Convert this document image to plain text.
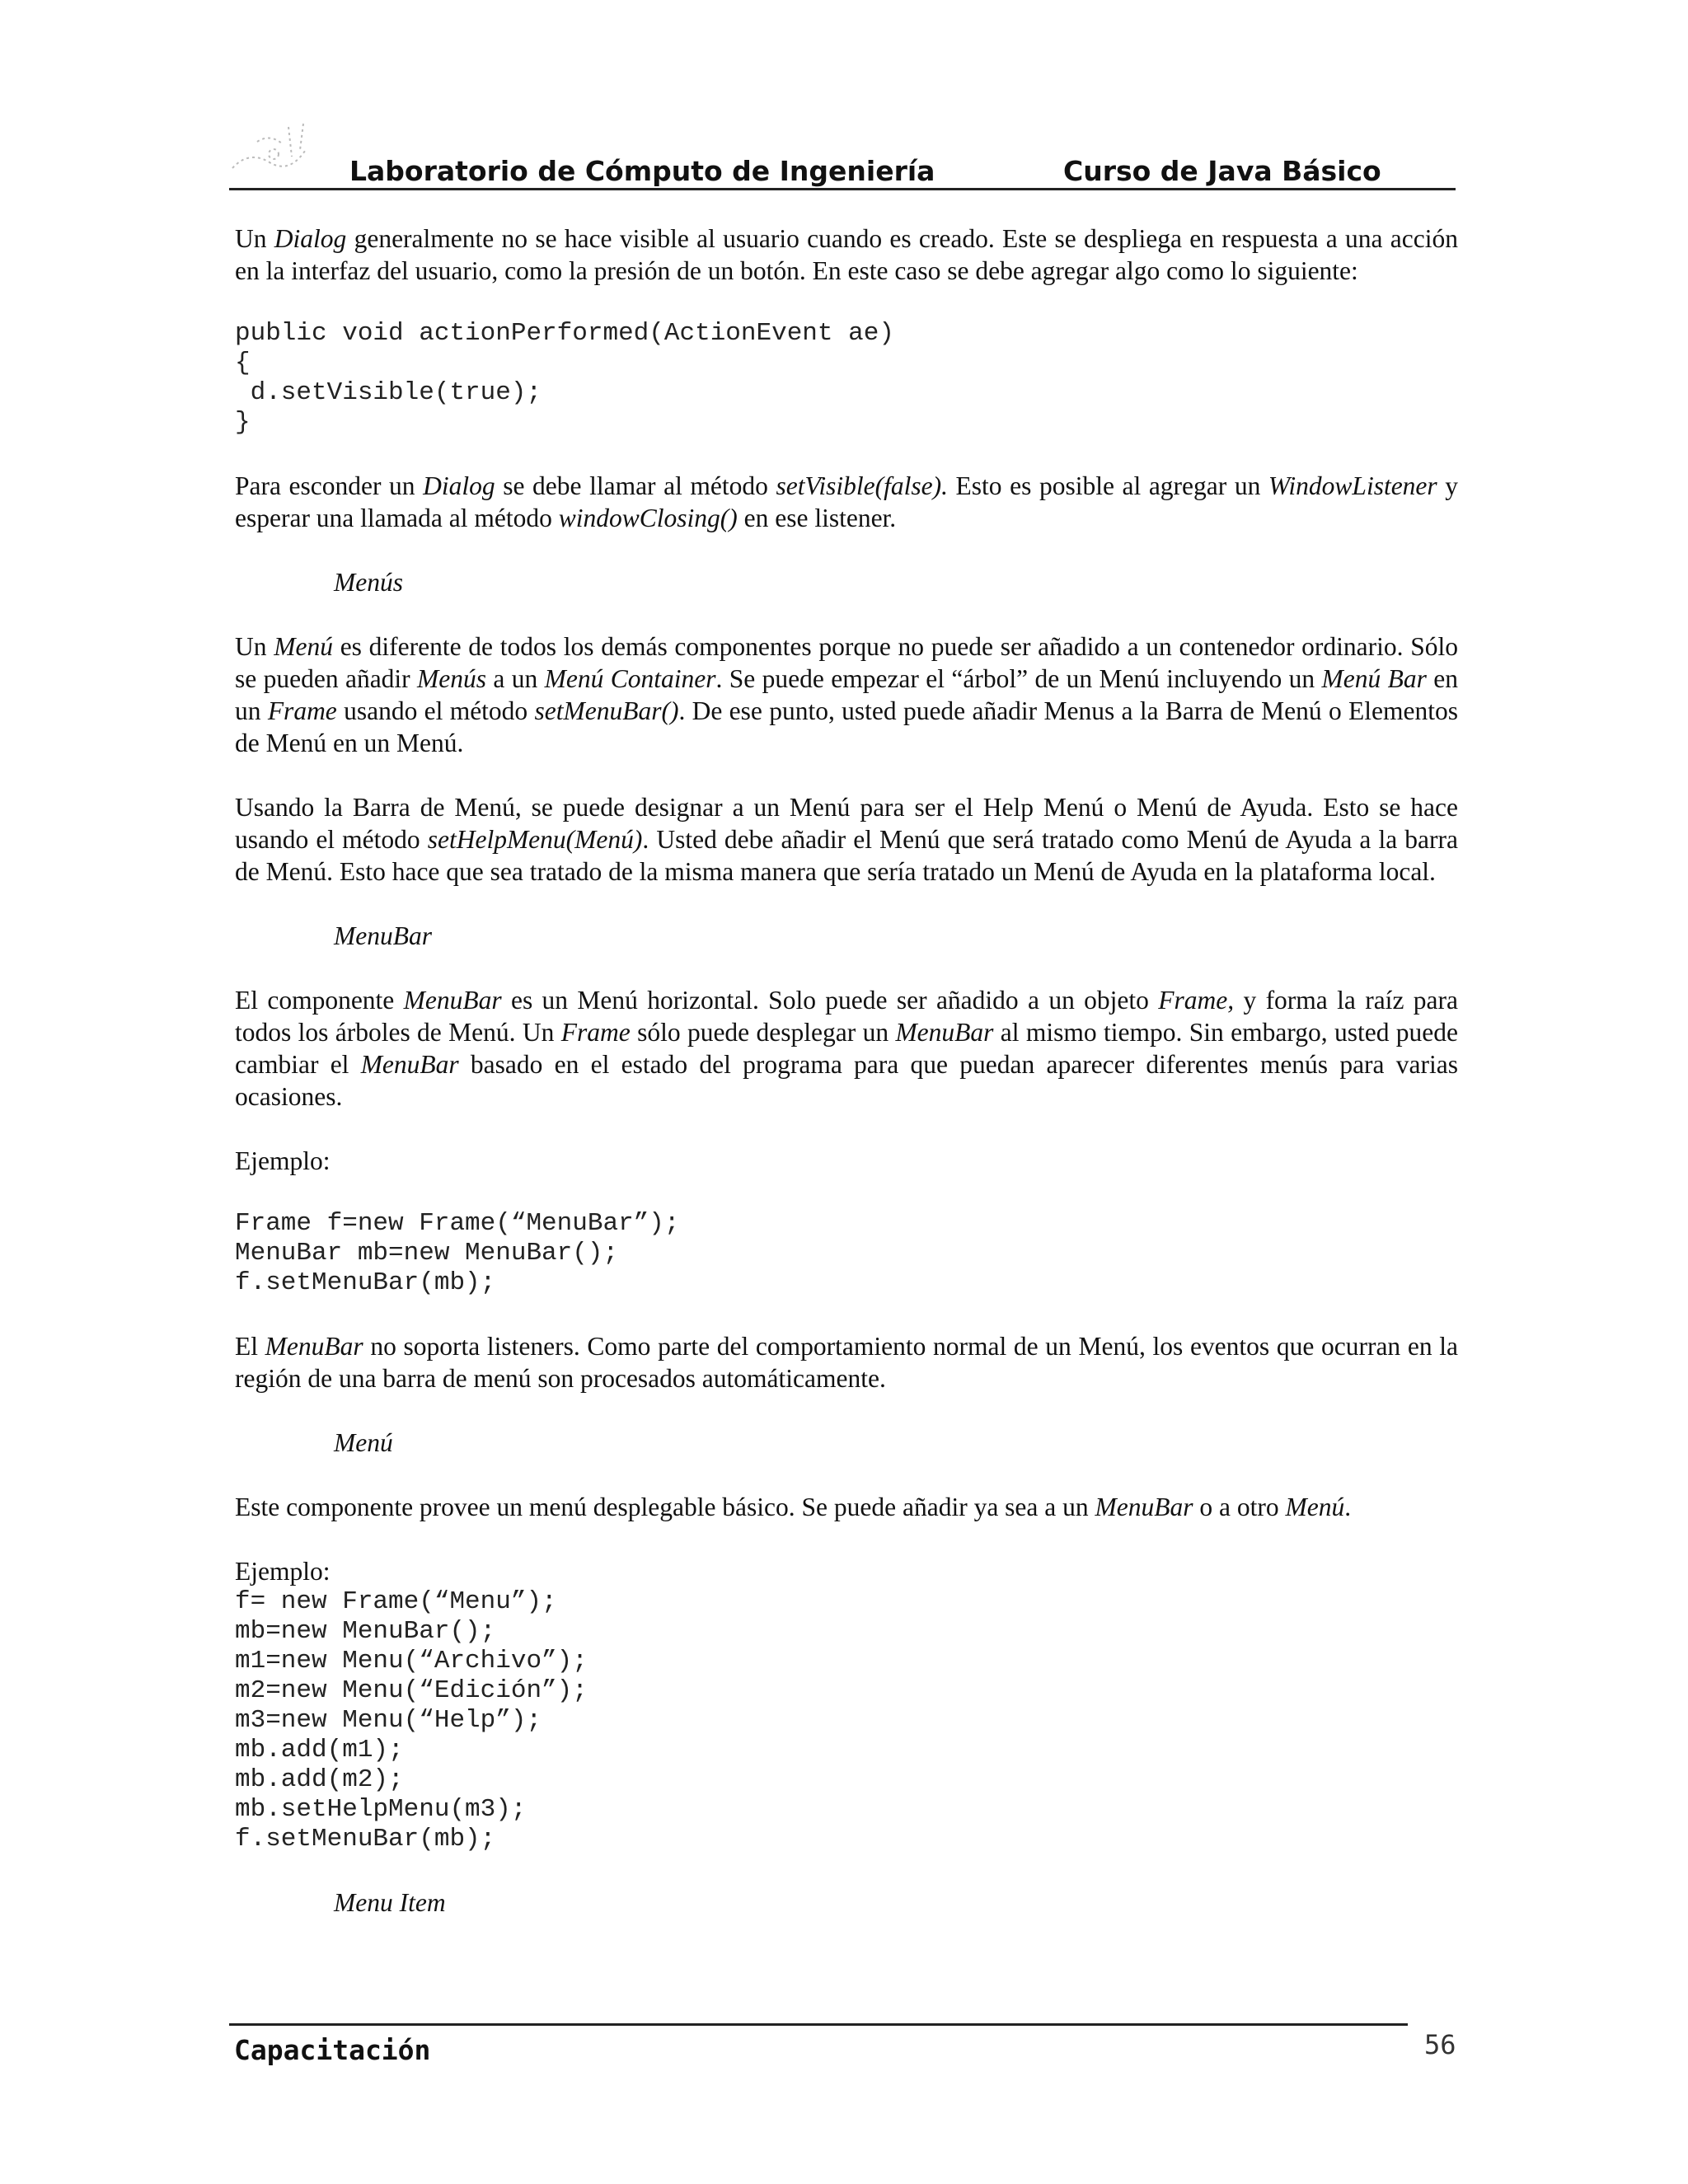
Laboratorio de Cómputo de Ingeniería	Curso de Java Básico

Un Dialog generalmente no se hace visible al usuario cuando es creado. Este se despliega en respuesta a una acción en la interfaz del usuario, como la presión de un botón. En este caso se debe agregar algo como lo siguiente:

public void actionPerformed(ActionEvent ae)
{
d.setVisible(true);
}

Para esconder un Dialog se debe llamar al método setVisible(false). Esto es posible al agregar un WindowListener y esperar una llamada al método windowClosing() en ese listener.

Menús

Un Menú es diferente de todos los demás componentes porque no puede ser añadido a un contenedor ordinario. Sólo se pueden añadir Menús a un Menú Container. Se puede empezar el “árbol” de un Menú incluyendo un Menú Bar en un Frame usando el método setMenuBar(). De ese punto, usted puede añadir Menus a la Barra de Menú o Elementos de Menú en un Menú.

Usando la Barra de Menú, se puede designar a un Menú para ser el Help Menú o Menú de Ayuda. Esto se hace usando el método setHelpMenu(Menú). Usted debe añadir el Menú que será tratado como Menú de Ayuda a la barra de Menú. Esto hace que sea tratado de la misma manera que sería tratado un Menú de Ayuda en la plataforma local.

MenuBar

El componente MenuBar es un Menú horizontal. Solo puede ser añadido a un objeto Frame, y forma la raíz para todos los árboles de Menú. Un Frame sólo puede desplegar un MenuBar al mismo tiempo. Sin embargo, usted puede cambiar el MenuBar basado en el estado del programa para que puedan aparecer diferentes menús para varias ocasiones.

Ejemplo:

Frame f=new Frame(“MenuBar”);
MenuBar mb=new MenuBar();
f.setMenuBar(mb);

El MenuBar no soporta listeners. Como parte del comportamiento normal de un Menú, los eventos que ocurran en la región de una barra de menú son procesados automáticamente.

Menú

Este componente provee un menú desplegable básico. Se puede añadir ya sea a un MenuBar o a otro Menú.

Ejemplo:

f= new Frame(“Menu”);
mb=new MenuBar();
m1=new Menu(“Archivo”);
m2=new Menu(“Edición”);
m3=new Menu(“Help”);
mb.add(m1);
mb.add(m2);
mb.setHelpMenu(m3);
f.setMenuBar(mb);
Menu Item
Capacitación	56
